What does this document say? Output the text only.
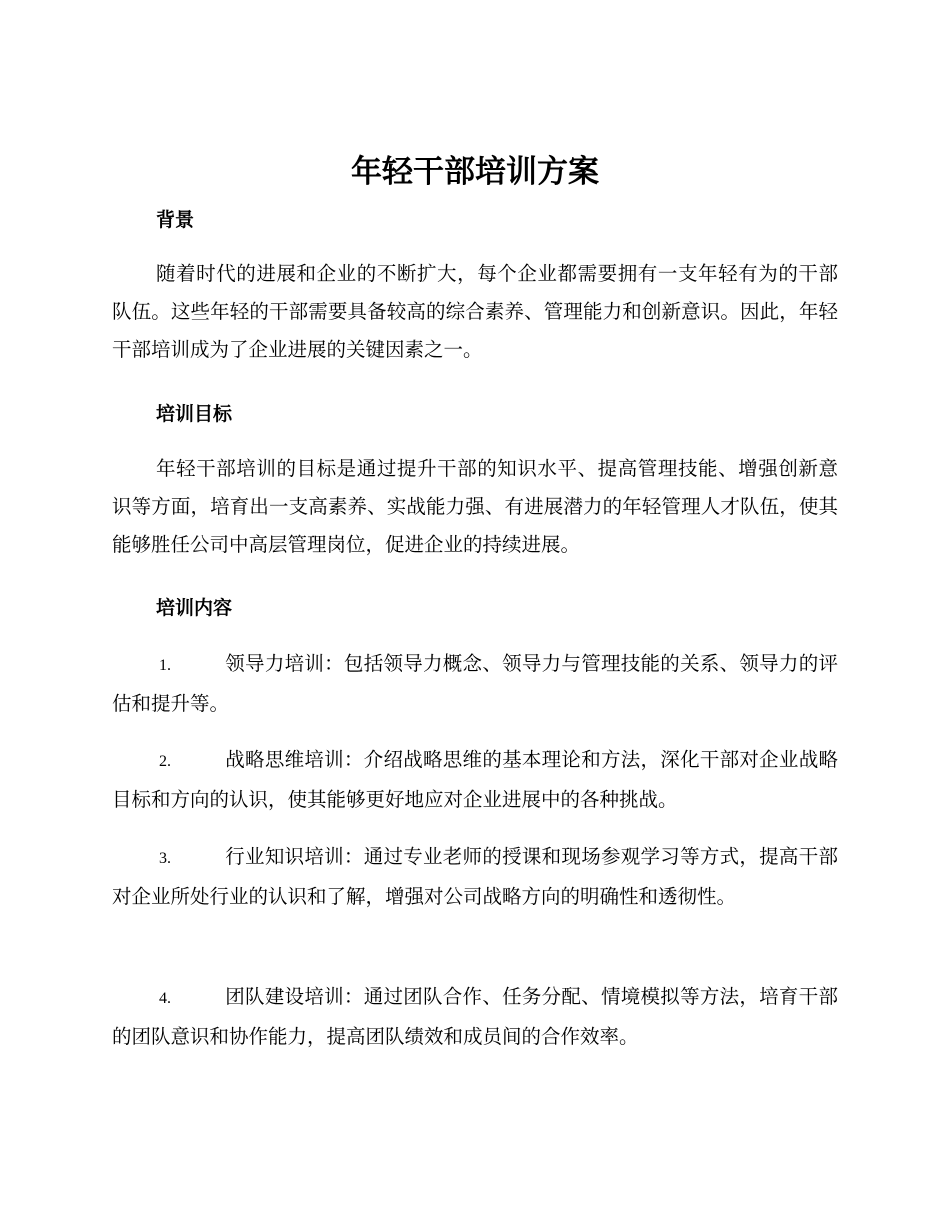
年轻干部培训方案
背景

随着时代的进展和企业的不断扩大，每个企业都需要拥有一支年轻有为的干部队伍。这些年轻的干部需要具备较高的综合素养、管理能力和创新意识。因此，年轻干部培训成为了企业进展的关键因素之一。

培训目标

年轻干部培训的目标是通过提升干部的知识水平、提高管理技能、增强创新意识等方面，培育出一支高素养、实战能力强、有进展潜力的年轻管理人才队伍，使其能够胜任公司中高层管理岗位，促进企业的持续进展。

培训内容

1.	领导力培训：包括领导力概念、领导力与管理技能的关系、领导力的评估和提升等。

2.	战略思维培训：介绍战略思维的基本理论和方法，深化干部对企业战略目标和方向的认识，使其能够更好地应对企业进展中的各种挑战。

3.	行业知识培训：通过专业老师的授课和现场参观学习等方式，提高干部对企业所处行业的认识和了解，增强对公司战略方向的明确性和透彻性。

4.	团队建设培训：通过团队合作、任务分配、情境模拟等方法，培育干部的团队意识和协作能力，提高团队绩效和成员间的合作效率。
